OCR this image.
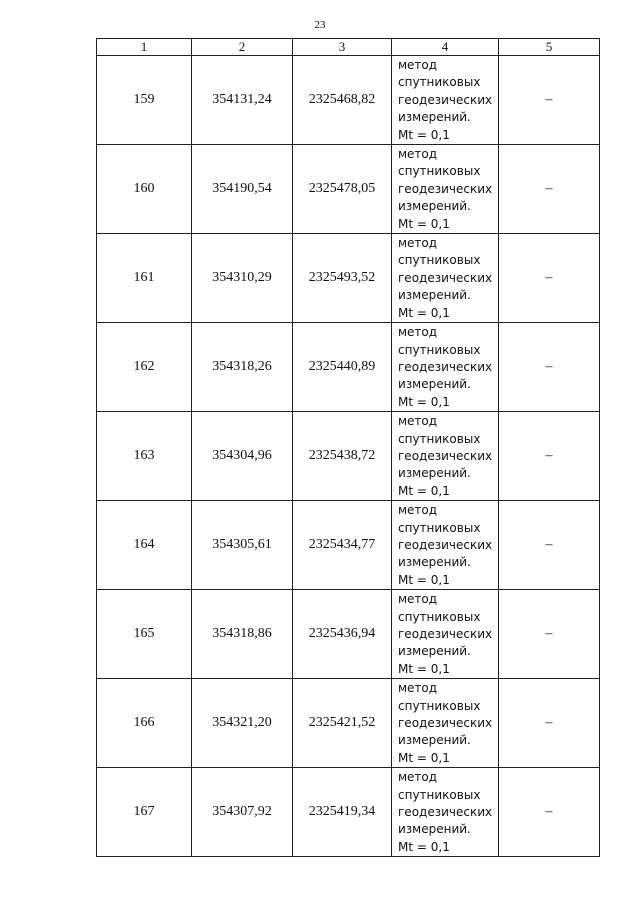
23
1	2	3	4	5
159	354131,24	2325468,82	метод
спутниковых
геодезических
измерений.
Mt = 0,1	–
160	354190,54	2325478,05	метод
спутниковых
геодезических
измерений.
Mt = 0,1	–
161	354310,29	2325493,52	метод
спутниковых
геодезических
измерений.
Mt = 0,1	–
162	354318,26	2325440,89	метод
спутниковых
геодезических
измерений.
Mt = 0,1	–
163	354304,96	2325438,72	метод
спутниковых
геодезических
измерений.
Mt = 0,1	–
164	354305,61	2325434,77	метод
спутниковых
геодезических
измерений.
Mt = 0,1	–
165	354318,86	2325436,94	метод
спутниковых
геодезических
измерений.
Mt = 0,1	–
166	354321,20	2325421,52	метод
спутниковых
геодезических
измерений.
Mt = 0,1	–
167	354307,92	2325419,34	метод
спутниковых
геодезических
измерений.
Mt = 0,1	–
